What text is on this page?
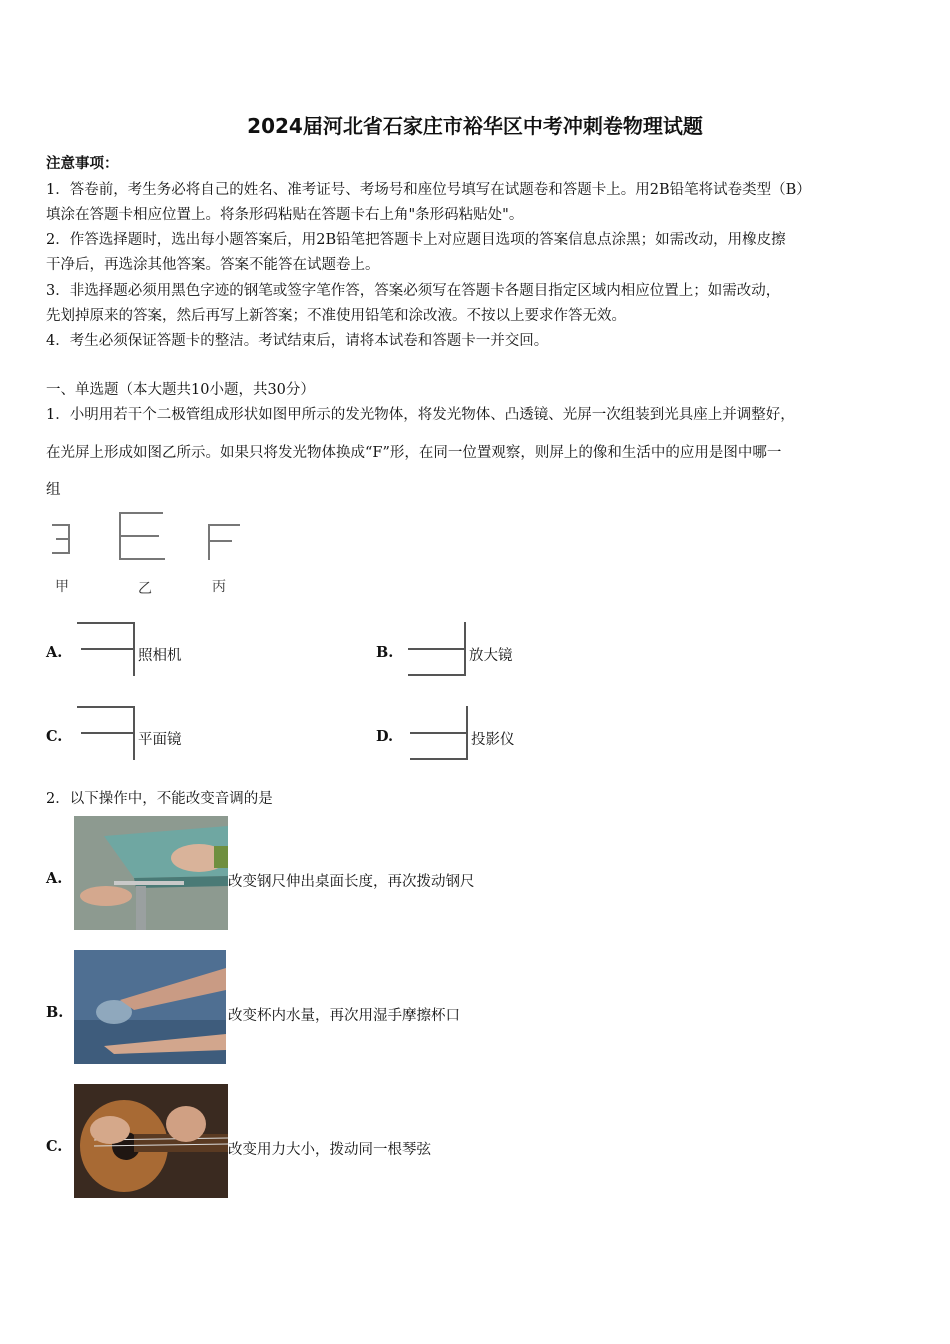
2024届河北省石家庄市裕华区中考冲刺卷物理试题
注意事项：
1．答卷前，考生务必将自己的姓名、准考证号、考场号和座位号填写在试题卷和答题卡上。用2B铅笔将试卷类型（B）
填涂在答题卡相应位置上。将条形码粘贴在答题卡右上角"条形码粘贴处"。
2．作答选择题时，选出每小题答案后，用2B铅笔把答题卡上对应题目选项的答案信息点涂黑；如需改动，用橡皮擦
干净后，再选涂其他答案。答案不能答在试题卷上。
3．非选择题必须用黑色字迹的钢笔或签字笔作答，答案必须写在答题卡各题目指定区域内相应位置上；如需改动，
先划掉原来的答案，然后再写上新答案；不准使用铅笔和涂改液。不按以上要求作答无效。
4．考生必须保证答题卡的整洁。考试结束后，请将本试卷和答题卡一并交回。
一、单选题（本大题共10小题，共30分）
1．小明用若干个二极管组成形状如图甲所示的发光物体，将发光物体、凸透镜、光屏一次组装到光具座上并调整好，
在光屏上形成如图乙所示。如果只将发光物体换成“F”形，在同一位置观察，则屏上的像和生活中的应用是图中哪一
组
甲	乙	丙
A.	照相机	B.	放大镜
C.	平面镜	D.	投影仪
2．以下操作中，不能改变音调的是
A.	改变钢尺伸出桌面长度，再次拨动钢尺
B.	改变杯内水量，再次用湿手摩擦杯口
C.	改变用力大小，拨动同一根琴弦
